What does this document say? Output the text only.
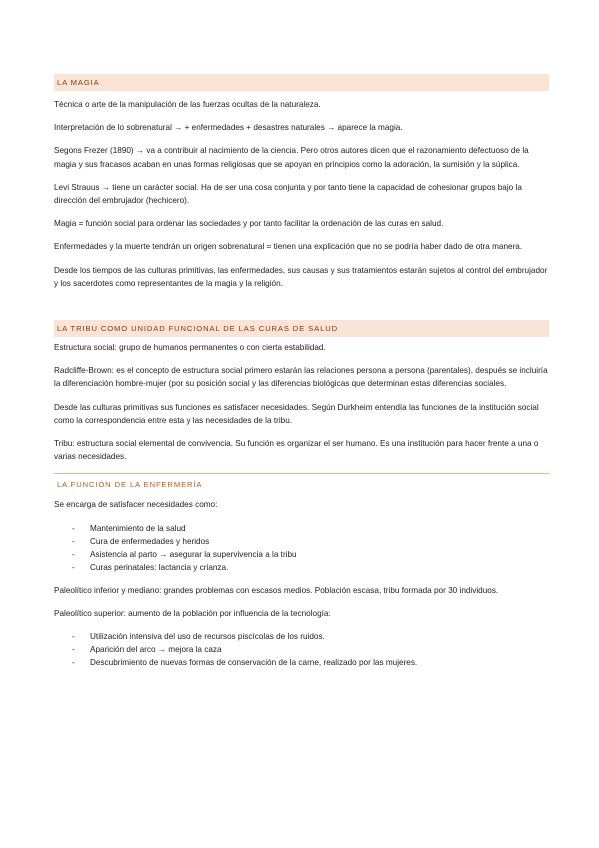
LA MAGIA

Técnica o arte de la manipulación de las fuerzas ocultas de la naturaleza.

Interpretación de lo sobrenatural → + enfermedades + desastres naturales → aparece la magia.

Segons Frezer (1890) → va a contribuir al nacimiento de la ciencia. Pero otros autores dicen que el razonamiento defectuoso de la magia y sus fracasos acaban en unas formas religiosas que se apoyan en principios como la adoración, la sumisión y la súplica.

Levi Strauus → tiene un carácter social. Ha de ser una cosa conjunta y por tanto tiene la capacidad de cohesionar grupos bajo la dirección del embrujador (hechicero).

Magia = función social para ordenar las sociedades y por tanto facilitar la ordenación de las curas en salud.

Enfermedades y la muerte tendrán un origen sobrenatural = tienen una explicación que no se podría haber dado de otra manera.

Desde los tiempos de las culturas primitivas, las enfermedades, sus causas y sus tratamientos estarán sujetos al control del embrujador y los sacerdotes como representantes de la magia y la religión.

LA TRIBU COMO UNIDAD FUNCIONAL DE LAS CURAS DE SALUD

Estructura social: grupo de humanos permanentes o con cierta estabilidad.

Radcliffe-Brown: es el concepto de estructura social primero estarán las relaciones persona a persona (parentales), después se incluiría la diferenciación hombre-mujer (por su posición social y las diferencias biológicas que determinan estas diferencias sociales.

Desde las culturas primitivas sus funciones es satisfacer necesidades. Según Durkheim entendía las funciones de la institución social como la correspondencia entre esta y las necesidades de la tribu.

Tribu: estructura social elemental de convivencia. Su función es organizar el ser humano. Es una institución para hacer frente a una o varias necesidades.

LA FUNCIÓN DE LA ENFERMERÍA

Se encarga de satisfacer necesidades como:

- Mantenimiento de la salud
- Cura de enfermedades y heridos
- Asistencia al parto → asegurar la supervivencia a la tribu
- Curas perinatales: lactancia y crianza.

Paleolítico inferior y mediano: grandes problemas con escasos medios. Población escasa, tribu formada por 30 individuos.

Paleolítico superior: aumento de la población por influencia de la tecnología:

- Utilización intensiva del uso de recursos piscícolas de los ruidos.
- Aparición del arco → mejora la caza
- Descubrimiento de nuevas formas de conservación de la carne, realizado por las mujeres.
